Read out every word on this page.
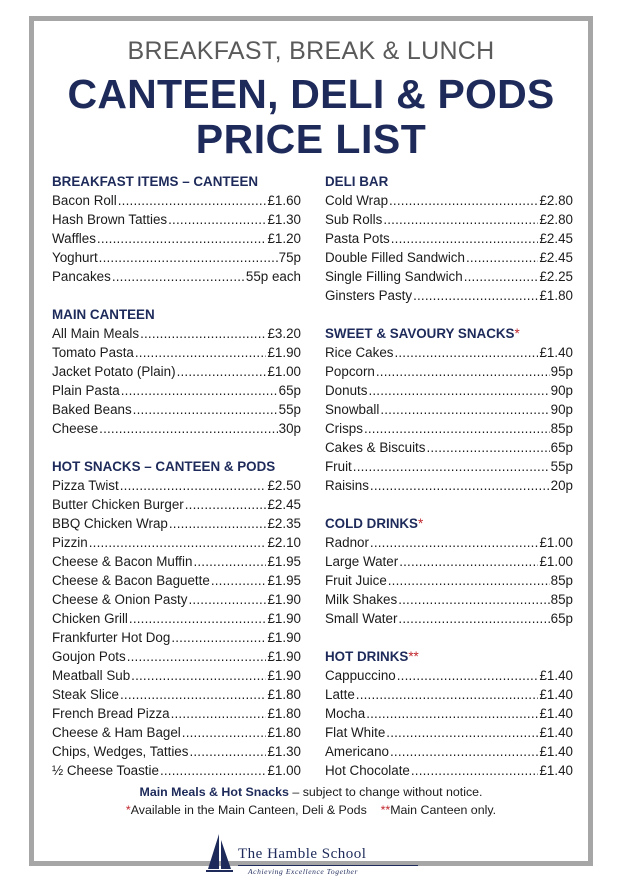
BREAKFAST, BREAK & LUNCH
CANTEEN, DELI & PODS
PRICE LIST
BREAKFAST ITEMS – CANTEEN
Bacon Roll .....	£1.60
Hash Brown Tatties .....	£1.30
Waffles .....	£1.20
Yoghurt .....	75p
Pancakes .....	55p each
MAIN CANTEEN
All Main Meals .....	£3.20
Tomato Pasta .....	£1.90
Jacket Potato (Plain) .....	£1.00
Plain Pasta .....	65p
Baked Beans .....	55p
Cheese .....	30p
HOT SNACKS – CANTEEN & PODS
Pizza Twist .....	£2.50
Butter Chicken Burger .....	£2.45
BBQ Chicken Wrap .....	£2.35
Pizzin .....	£2.10
Cheese & Bacon Muffin .....	£1.95
Cheese & Bacon Baguette .....	£1.95
Cheese & Onion Pasty .....	£1.90
Chicken Grill .....	£1.90
Frankfurter Hot Dog .....	£1.90
Goujon Pots .....	£1.90
Meatball Sub .....	£1.90
Steak Slice .....	£1.80
French Bread Pizza .....	£1.80
Cheese & Ham Bagel .....	£1.80
Chips, Wedges, Tatties .....	£1.30
½ Cheese Toastie .....	£1.00
DELI BAR
Cold Wrap .....	£2.80
Sub Rolls .....	£2.80
Pasta Pots .....	£2.45
Double Filled Sandwich .....	£2.45
Single Filling Sandwich .....	£2.25
Ginsters Pasty .....	£1.80
SWEET & SAVOURY SNACKS*
Rice Cakes .....	£1.40
Popcorn .....	95p
Donuts .....	90p
Snowball .....	90p
Crisps .....	85p
Cakes & Biscuits .....	65p
Fruit .....	55p
Raisins .....	20p
COLD DRINKS*
Radnor .....	£1.00
Large Water .....	£1.00
Fruit Juice .....	85p
Milk Shakes .....	85p
Small Water .....	65p
HOT DRINKS**
Cappuccino .....	£1.40
Latte .....	£1.40
Mocha .....	£1.40
Flat White .....	£1.40
Americano .....	£1.40
Hot Chocolate .....	£1.40
Main Meals & Hot Snacks – subject to change without notice.
*Available in the Main Canteen, Deli & Pods **Main Canteen only.
The Hamble School
Achieving Excellence Together
